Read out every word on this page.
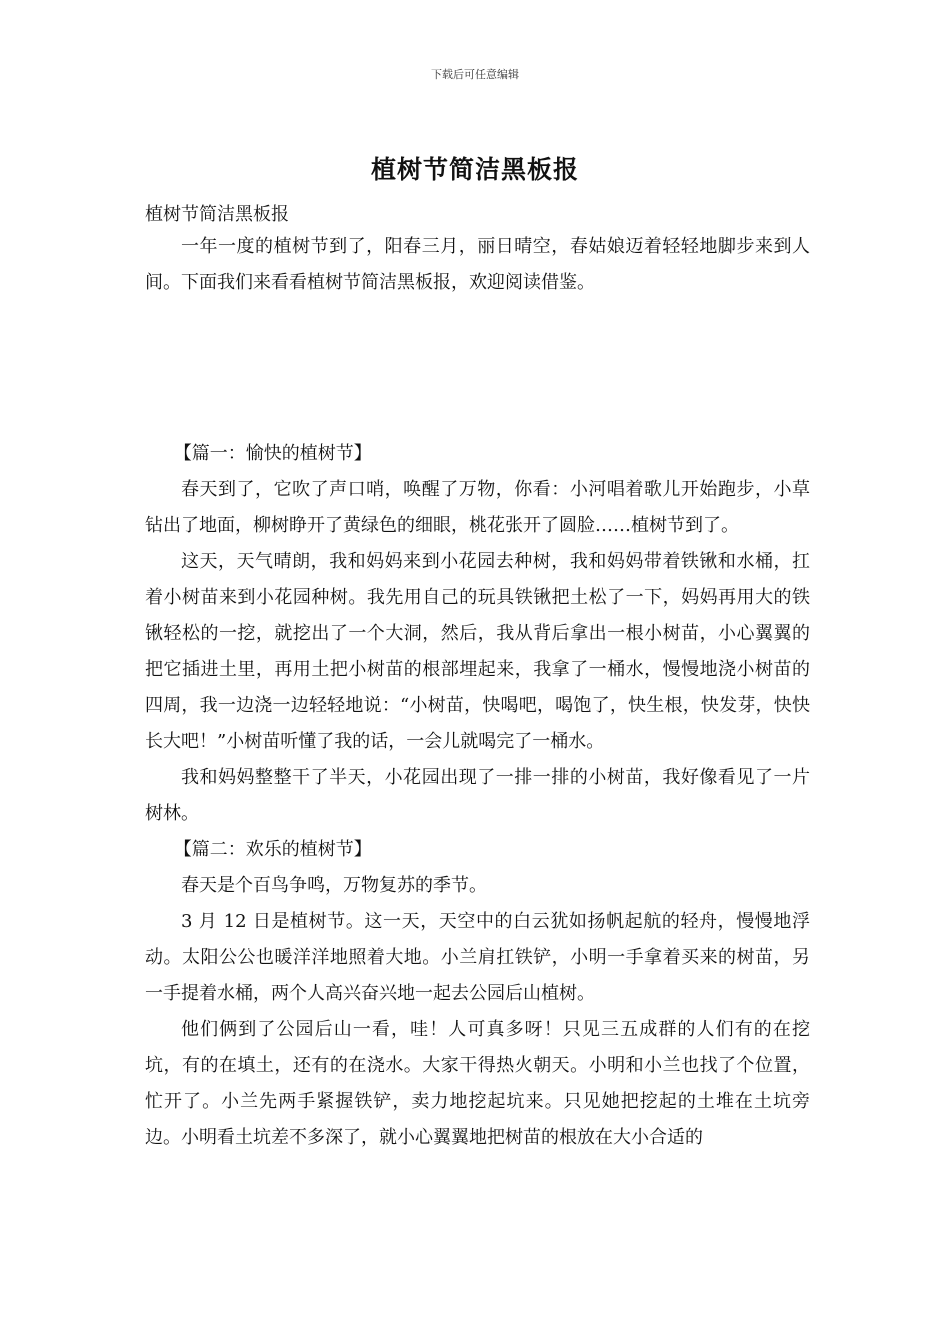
下载后可任意编辑
植树节简洁黑板报
植树节简洁黑板报

一年一度的植树节到了，阳春三月，丽日晴空，春姑娘迈着轻轻地脚步来到人间。下面我们来看看植树节简洁黑板报，欢迎阅读借鉴。

【篇一：愉快的植树节】

春天到了，它吹了声口哨，唤醒了万物，你看：小河唱着歌儿开始跑步，小草钻出了地面，柳树睁开了黄绿色的细眼，桃花张开了圆脸……植树节到了。

这天，天气晴朗，我和妈妈来到小花园去种树，我和妈妈带着铁锹和水桶，扛着小树苗来到小花园种树。我先用自己的玩具铁锹把土松了一下，妈妈再用大的铁锹轻松的一挖，就挖出了一个大洞，然后，我从背后拿出一根小树苗，小心翼翼的把它插进土里，再用土把小树苗的根部埋起来，我拿了一桶水，慢慢地浇小树苗的四周，我一边浇一边轻轻地说：“小树苗，快喝吧，喝饱了，快生根，快发芽，快快长大吧！”小树苗听懂了我的话，一会儿就喝完了一桶水。

我和妈妈整整干了半天，小花园出现了一排一排的小树苗，我好像看见了一片树林。

【篇二：欢乐的植树节】

春天是个百鸟争鸣，万物复苏的季节。

3 月 12 日是植树节。这一天，天空中的白云犹如扬帆起航的轻舟，慢慢地浮动。太阳公公也暖洋洋地照着大地。小兰肩扛铁铲，小明一手拿着买来的树苗，另一手提着水桶，两个人高兴奋兴地一起去公园后山植树。

他们俩到了公园后山一看，哇！人可真多呀！只见三五成群的人们有的在挖坑，有的在填土，还有的在浇水。大家干得热火朝天。小明和小兰也找了个位置，忙开了。小兰先两手紧握铁铲，卖力地挖起坑来。只见她把挖起的土堆在土坑旁边。小明看土坑差不多深了，就小心翼翼地把树苗的根放在大小合适的
